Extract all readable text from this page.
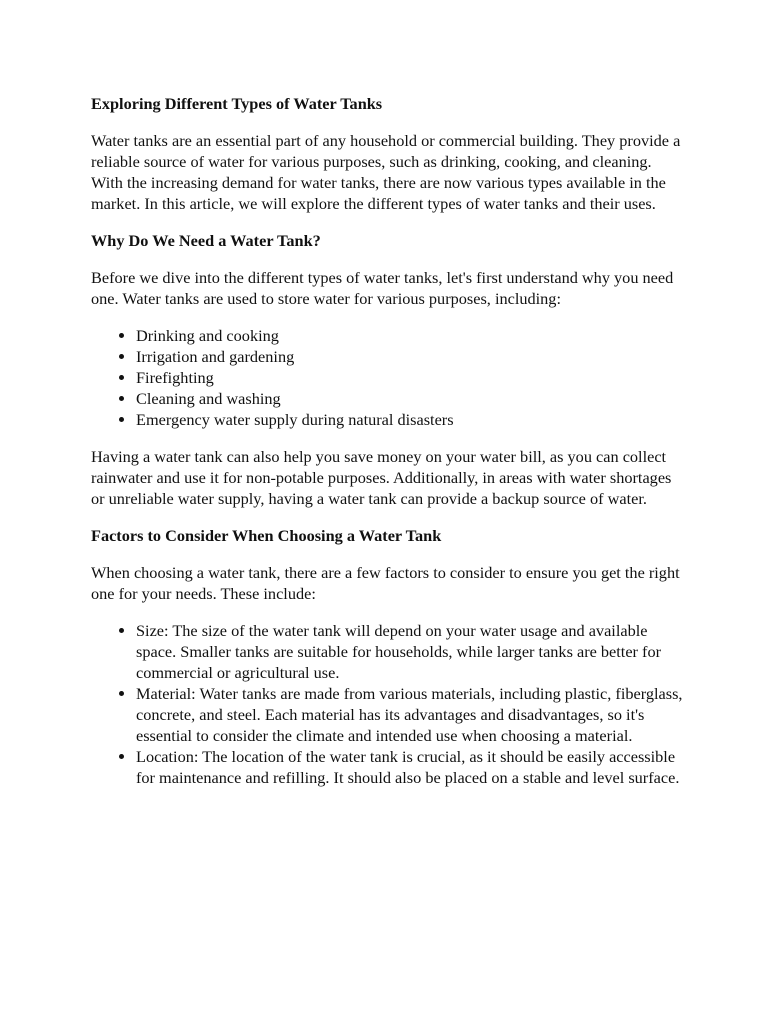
Exploring Different Types of Water Tanks

Water tanks are an essential part of any household or commercial building. They provide a reliable source of water for various purposes, such as drinking, cooking, and cleaning. With the increasing demand for water tanks, there are now various types available in the market. In this article, we will explore the different types of water tanks and their uses.

Why Do We Need a Water Tank?

Before we dive into the different types of water tanks, let's first understand why you need one. Water tanks are used to store water for various purposes, including:

• Drinking and cooking
• Irrigation and gardening
• Firefighting
• Cleaning and washing
• Emergency water supply during natural disasters

Having a water tank can also help you save money on your water bill, as you can collect rainwater and use it for non-potable purposes. Additionally, in areas with water shortages or unreliable water supply, having a water tank can provide a backup source of water.

Factors to Consider When Choosing a Water Tank

When choosing a water tank, there are a few factors to consider to ensure you get the right one for your needs. These include:

• Size: The size of the water tank will depend on your water usage and available space. Smaller tanks are suitable for households, while larger tanks are better for commercial or agricultural use.
• Material: Water tanks are made from various materials, including plastic, fiberglass, concrete, and steel. Each material has its advantages and disadvantages, so it's essential to consider the climate and intended use when choosing a material.
• Location: The location of the water tank is crucial, as it should be easily accessible for maintenance and refilling. It should also be placed on a stable and level surface.
